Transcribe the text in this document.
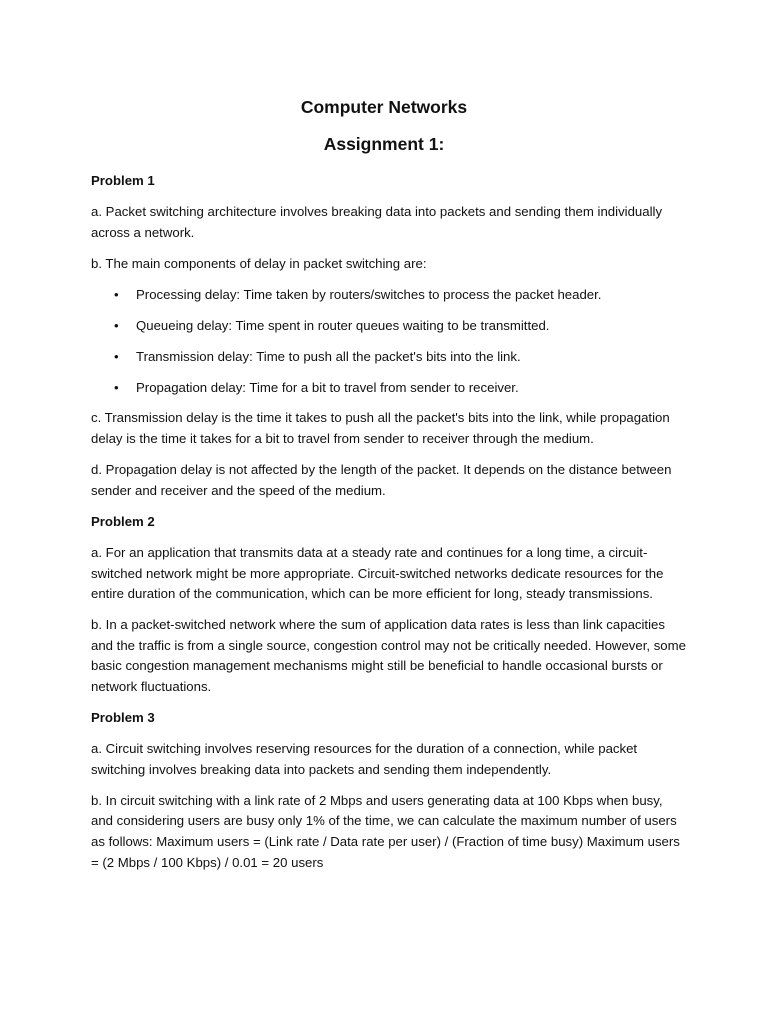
Computer Networks
Assignment 1:

Problem 1

a. Packet switching architecture involves breaking data into packets and sending them individually across a network.

b. The main components of delay in packet switching are:

• Processing delay: Time taken by routers/switches to process the packet header.
• Queueing delay: Time spent in router queues waiting to be transmitted.
• Transmission delay: Time to push all the packet's bits into the link.
• Propagation delay: Time for a bit to travel from sender to receiver.

c. Transmission delay is the time it takes to push all the packet's bits into the link, while propagation delay is the time it takes for a bit to travel from sender to receiver through the medium.

d. Propagation delay is not affected by the length of the packet. It depends on the distance between sender and receiver and the speed of the medium.

Problem 2

a. For an application that transmits data at a steady rate and continues for a long time, a circuit-switched network might be more appropriate. Circuit-switched networks dedicate resources for the entire duration of the communication, which can be more efficient for long, steady transmissions.

b. In a packet-switched network where the sum of application data rates is less than link capacities and the traffic is from a single source, congestion control may not be critically needed. However, some basic congestion management mechanisms might still be beneficial to handle occasional bursts or network fluctuations.

Problem 3

a. Circuit switching involves reserving resources for the duration of a connection, while packet switching involves breaking data into packets and sending them independently.

b. In circuit switching with a link rate of 2 Mbps and users generating data at 100 Kbps when busy, and considering users are busy only 1% of the time, we can calculate the maximum number of users as follows: Maximum users = (Link rate / Data rate per user) / (Fraction of time busy) Maximum users = (2 Mbps / 100 Kbps) / 0.01 = 20 users
